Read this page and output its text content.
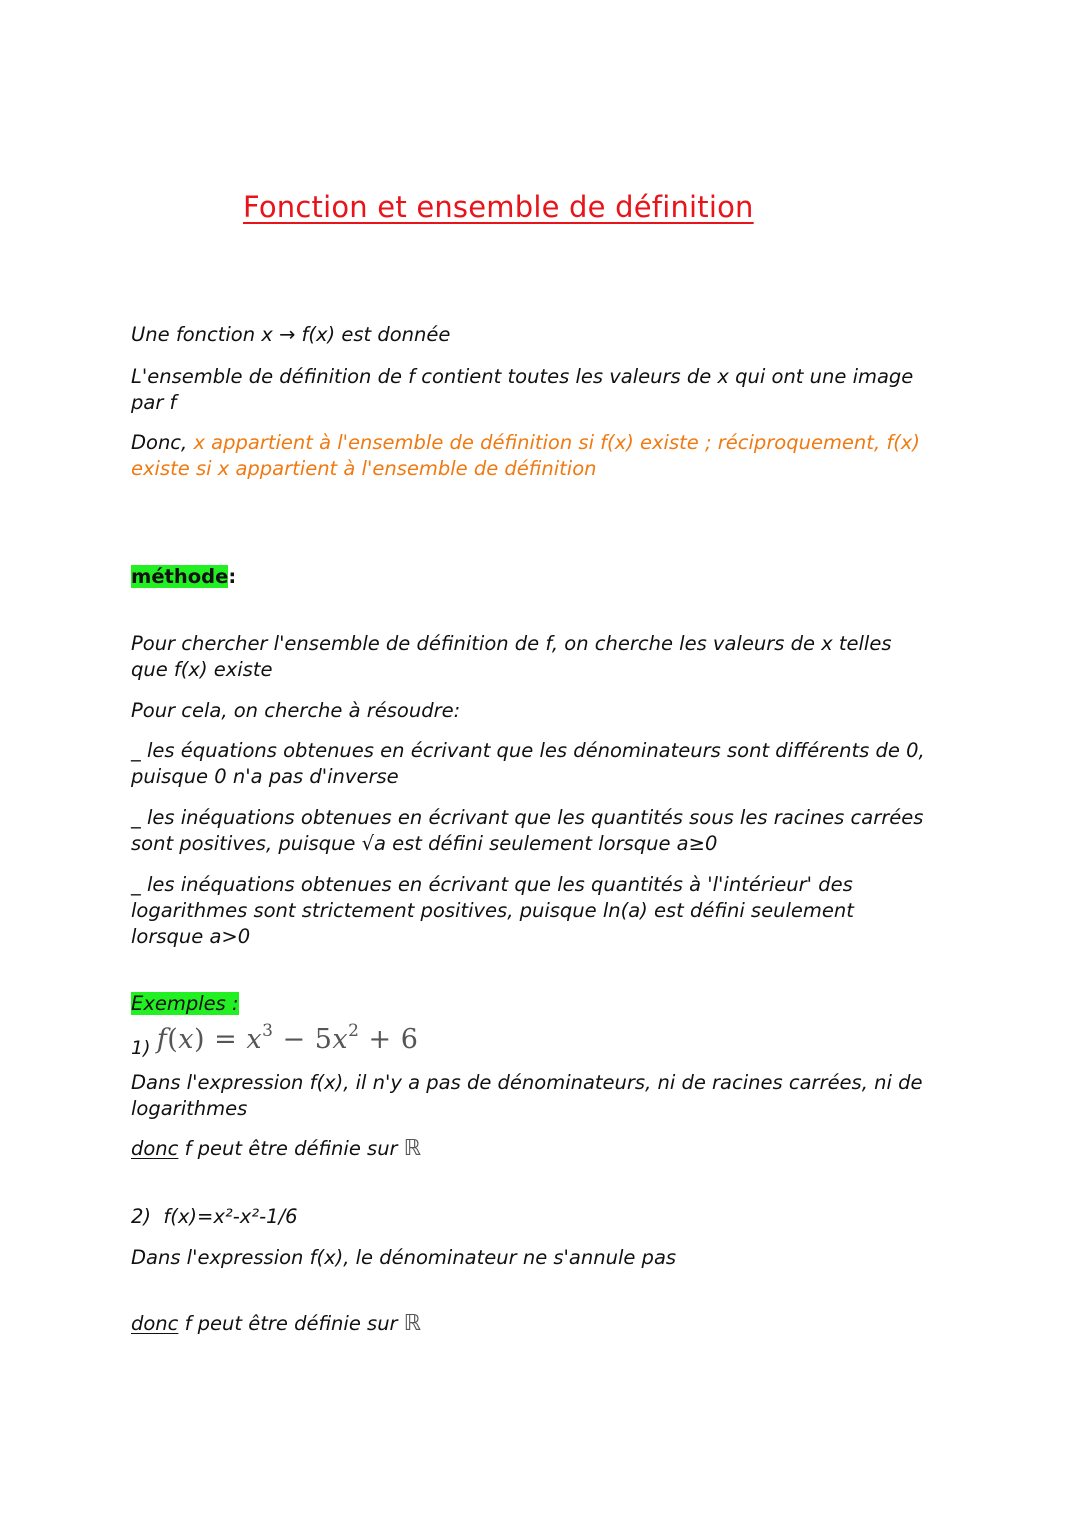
Fonction et ensemble de définition
Une fonction x → f(x) est donnée
L'ensemble de définition de f contient toutes les valeurs de x qui ont une image par f
Donc, x appartient à l'ensemble de définition si f(x) existe ; réciproquement, f(x) existe si x appartient à l'ensemble de définition
méthode:
Pour chercher l'ensemble de définition de f, on cherche les valeurs de x telles que f(x) existe
Pour cela, on cherche à résoudre:
_ les équations obtenues en écrivant que les dénominateurs sont différents de 0, puisque 0 n'a pas d'inverse
_ les inéquations obtenues en écrivant que les quantités sous les racines carrées sont positives, puisque √a est défini seulement lorsque a≥0
_ les inéquations obtenues en écrivant que les quantités à 'l'intérieur' des logarithmes sont strictement positives, puisque ln(a) est défini seulement lorsque a>0
Exemples :
1) $f(x) = x^3 - 5x^2 + 6$
Dans l'expression f(x), il n'y a pas de dénominateurs, ni de racines carrées, ni de logarithmes
donc f peut être définie sur ℝ
2)  f(x)=x²-x²-1/6
Dans l'expression f(x), le dénominateur ne s'annule pas
donc f peut être définie sur ℝ
